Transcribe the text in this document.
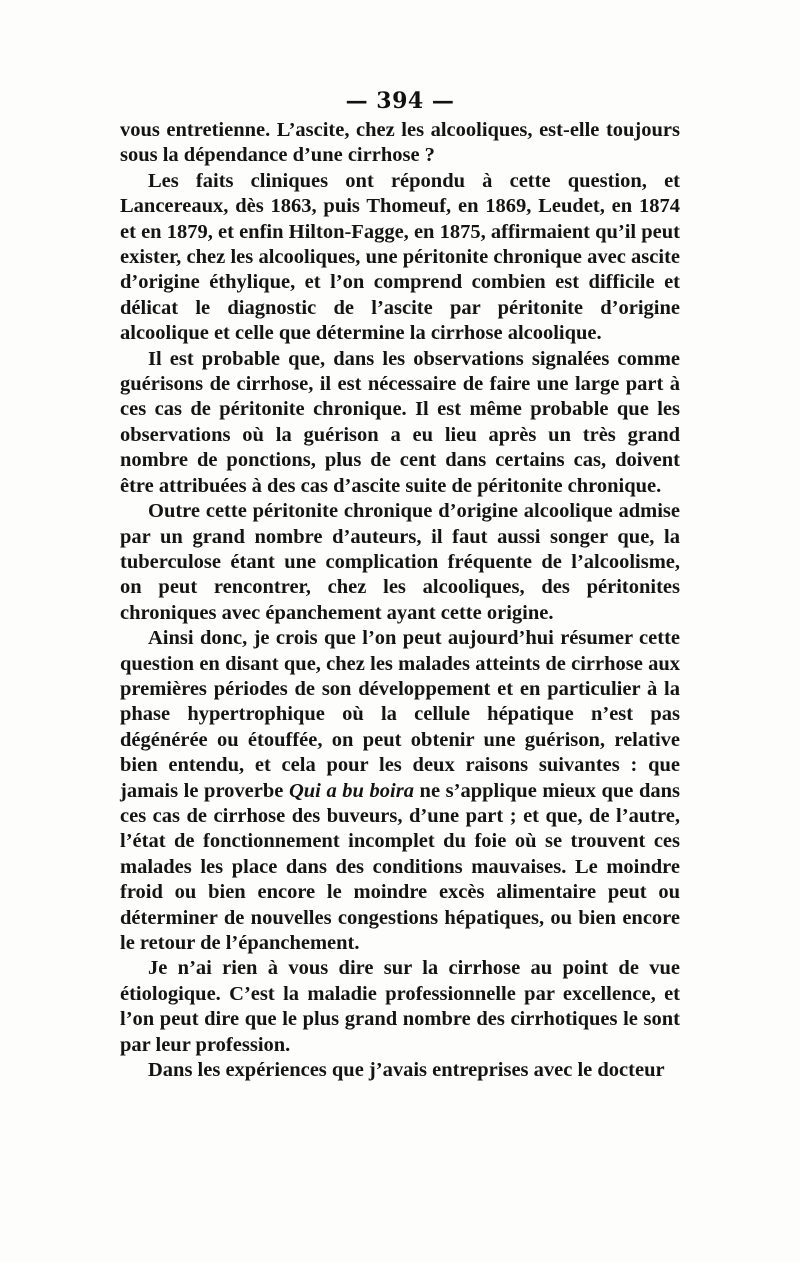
— 394 —

vous entretienne. L’ascite, chez les alcooliques, est-elle toujours sous la dépendance d’une cirrhose ?

Les faits cliniques ont répondu à cette question, et Lancereaux, dès 1863, puis Thomeuf, en 1869, Leudet, en 1874 et en 1879, et enfin Hilton-Fagge, en 1875, affirmaient qu’il peut exister, chez les alcooliques, une péritonite chronique avec ascite d’origine éthylique, et l’on comprend combien est difficile et délicat le diagnostic de l’ascite par péritonite d’origine alcoolique et celle que détermine la cirrhose alcoolique.

Il est probable que, dans les observations signalées comme guérisons de cirrhose, il est nécessaire de faire une large part à ces cas de péritonite chronique. Il est même probable que les observations où la guérison a eu lieu après un très grand nombre de ponctions, plus de cent dans certains cas, doivent être attribuées à des cas d’ascite suite de péritonite chronique.

Outre cette péritonite chronique d’origine alcoolique admise par un grand nombre d’auteurs, il faut aussi songer que, la tuberculose étant une complication fréquente de l’alcoolisme, on peut rencontrer, chez les alcooliques, des péritonites chroniques avec épanchement ayant cette origine.

Ainsi donc, je crois que l’on peut aujourd’hui résumer cette question en disant que, chez les malades atteints de cirrhose aux premières périodes de son développement et en particulier à la phase hypertrophique où la cellule hépatique n’est pas dégénérée ou étouffée, on peut obtenir une guérison, relative bien entendu, et cela pour les deux raisons suivantes : que jamais le proverbe Qui a bu boira ne s’applique mieux que dans ces cas de cirrhose des buveurs, d’une part ; et que, de l’autre, l’état de fonctionnement incomplet du foie où se trouvent ces malades les place dans des conditions mauvaises. Le moindre froid ou bien encore le moindre excès alimentaire peut ou déterminer de nouvelles congestions hépatiques, ou bien encore le retour de l’épanchement.

Je n’ai rien à vous dire sur la cirrhose au point de vue étiologique. C’est la maladie professionnelle par excellence, et l’on peut dire que le plus grand nombre des cirrhotiques le sont par leur profession.

Dans les expériences que j’avais entreprises avec le docteur
